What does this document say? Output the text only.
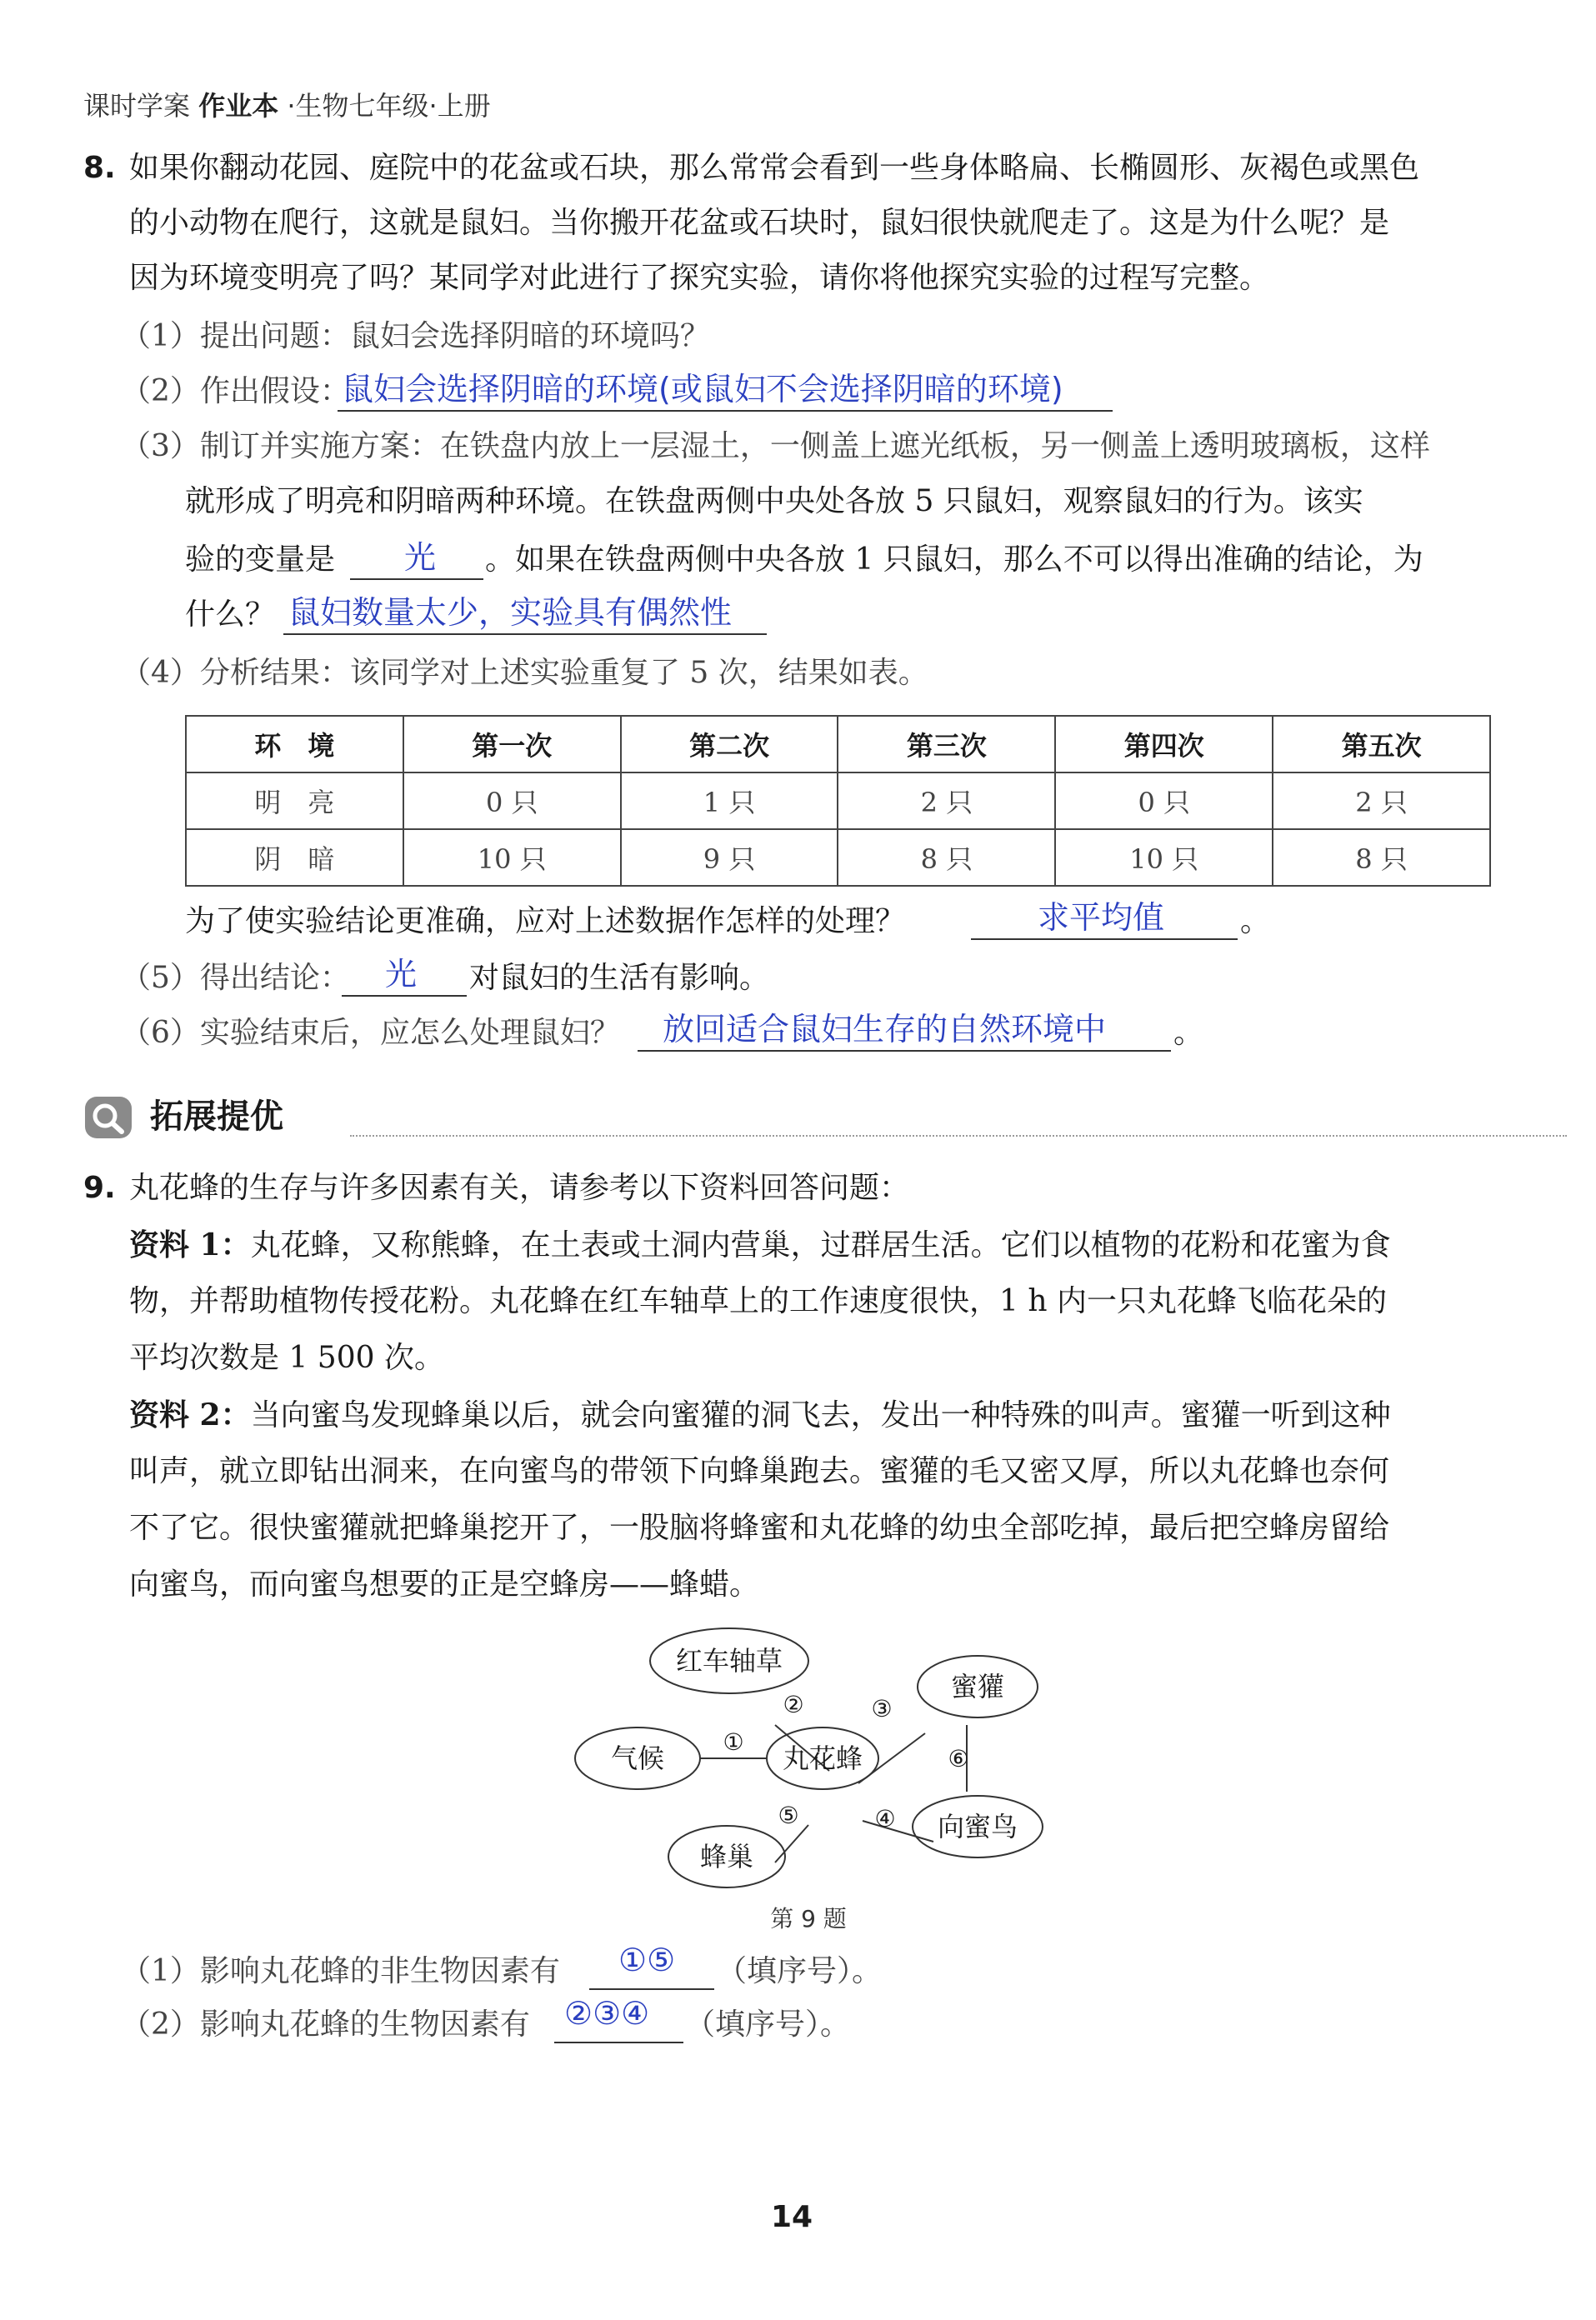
课时学案 作业本 ·生物七年级·上册
8. 如果你翻动花园、庭院中的花盆或石块，那么常常会看到一些身体略扁、长椭圆形、灰褐色或黑色
的小动物在爬行，这就是鼠妇。当你搬开花盆或石块时，鼠妇很快就爬走了。这是为什么呢？是
因为环境变明亮了吗？某同学对此进行了探究实验，请你将他探究实验的过程写完整。
（1）提出问题：鼠妇会选择阴暗的环境吗？
（2）作出假设：
鼠妇会选择阴暗的环境(或鼠妇不会选择阴暗的环境)
（3）制订并实施方案：在铁盘内放上一层湿土，一侧盖上遮光纸板，另一侧盖上透明玻璃板，这样
就形成了明亮和阴暗两种环境。在铁盘两侧中央处各放 5 只鼠妇，观察鼠妇的行为。该实
验的变量是 光 。如果在铁盘两侧中央各放 1 只鼠妇，那么不可以得出准确的结论，为
什么？ 鼠妇数量太少，实验具有偶然性
（4）分析结果：该同学对上述实验重复了 5 次，结果如表。
环　境	第一次	第二次	第三次	第四次	第五次
明　亮	0 只	1 只	2 只	0 只	2 只
阴　暗	10 只	9 只	8 只	10 只	8 只
为了使实验结论更准确，应对上述数据作怎样的处理？	求平均值	。
（5）得出结论： 光 对鼠妇的生活有影响。
（6）实验结束后，应怎么处理鼠妇？ 放回适合鼠妇生存的自然环境中 。
拓展提优
9. 丸花蜂的生存与许多因素有关，请参考以下资料回答问题：
资料 1：丸花蜂，又称熊蜂，在土表或土洞内营巢，过群居生活。它们以植物的花粉和花蜜为食
物，并帮助植物传授花粉。丸花蜂在红车轴草上的工作速度很快，1 h 内一只丸花蜂飞临花朵的
平均次数是 1 500 次。
资料 2：当向蜜鸟发现蜂巢以后，就会向蜜獾的洞飞去，发出一种特殊的叫声。蜜獾一听到这种
叫声，就立即钻出洞来，在向蜜鸟的带领下向蜂巢跑去。蜜獾的毛又密又厚，所以丸花蜂也奈何
不了它。很快蜜獾就把蜂巢挖开了，一股脑将蜂蜜和丸花蜂的幼虫全部吃掉，最后把空蜂房留给
向蜜鸟，而向蜜鸟想要的正是空蜂房——蜂蜡。
红车轴草
气候	丸花蜂
蜜獾
向蜜鸟
蜂巢
①
②	③
④
⑤
⑥
第 9 题
（1）影响丸花蜂的非生物因素有 ①⑤ （填序号）。
（2）影响丸花蜂的生物因素有 ②③④ （填序号）。
14
